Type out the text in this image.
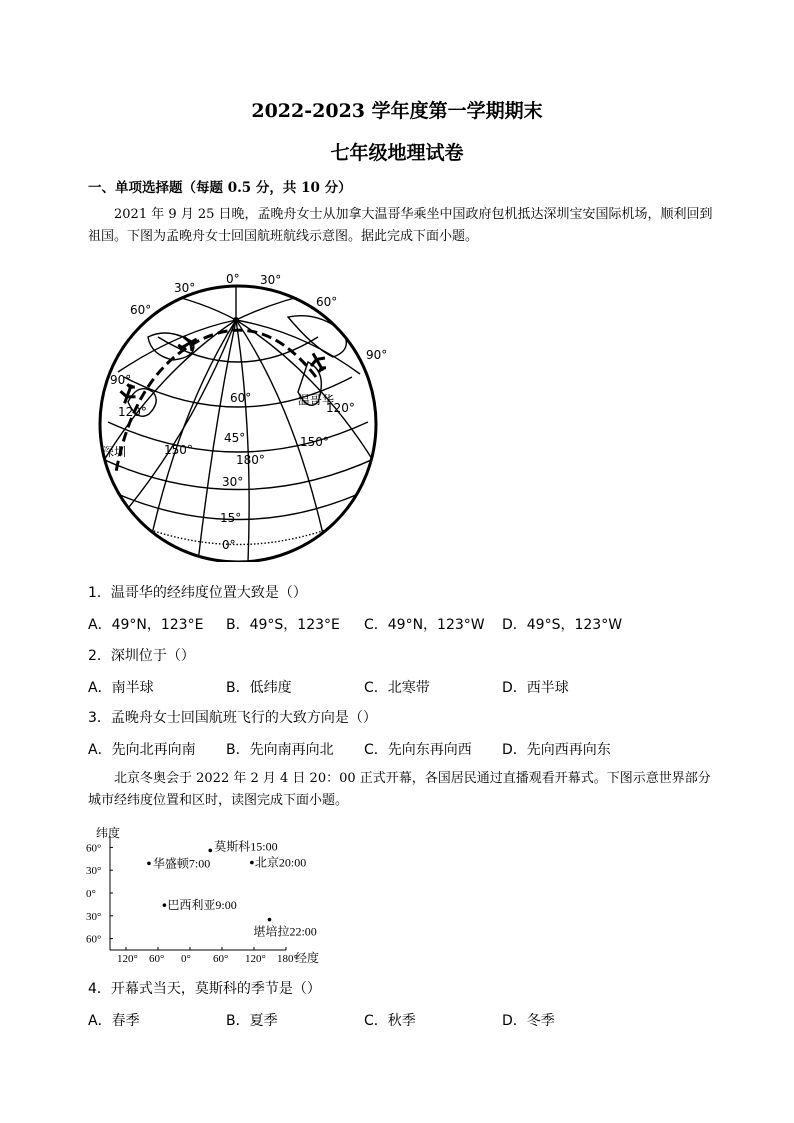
2022-2023 学年度第一学期期末
七年级地理试卷
一、单项选择题（每题 0.5 分，共 10 分）
2021 年 9 月 25 日晚，孟晚舟女士从加拿大温哥华乘坐中国政府包机抵达深圳宝安国际机场，顺利回到祖国。下图为孟晚舟女士回国航班航线示意图。据此完成下面小题。
0°
30°
30°
60°
60°
90°
90°
120°	120°
150°
150°
180°
60°
45°
30°
15°
0°
温哥华
深圳
1．温哥华的经纬度位置大致是（）
A．49°N，123°E B．49°S，123°E C．49°N，123°W D．49°S，123°W
2．深圳位于（）
A．南半球	B．低纬度	C．北寒带	D．西半球
3．孟晚舟女士回国航班飞行的大致方向是（）
A．先向北再向南 B．先向南再向北 C．先向东再向西 D．先向西再向东
北京冬奥会于 2022 年 2 月 4 日 20：00 正式开幕，各国居民通过直播观看开幕式。下图示意世界部分城市经纬度位置和区时，读图完成下面小题。
纬度
经度
60°
30°
0°
30°
60°
120° 60° 0° 60° 120° 180°
莫斯科15:00
华盛顿7:00	北京20:00
巴西利亚9:00
堪培拉22:00
4．开幕式当天，莫斯科的季节是（）
A．春季	B．夏季	C．秋季	D．冬季
